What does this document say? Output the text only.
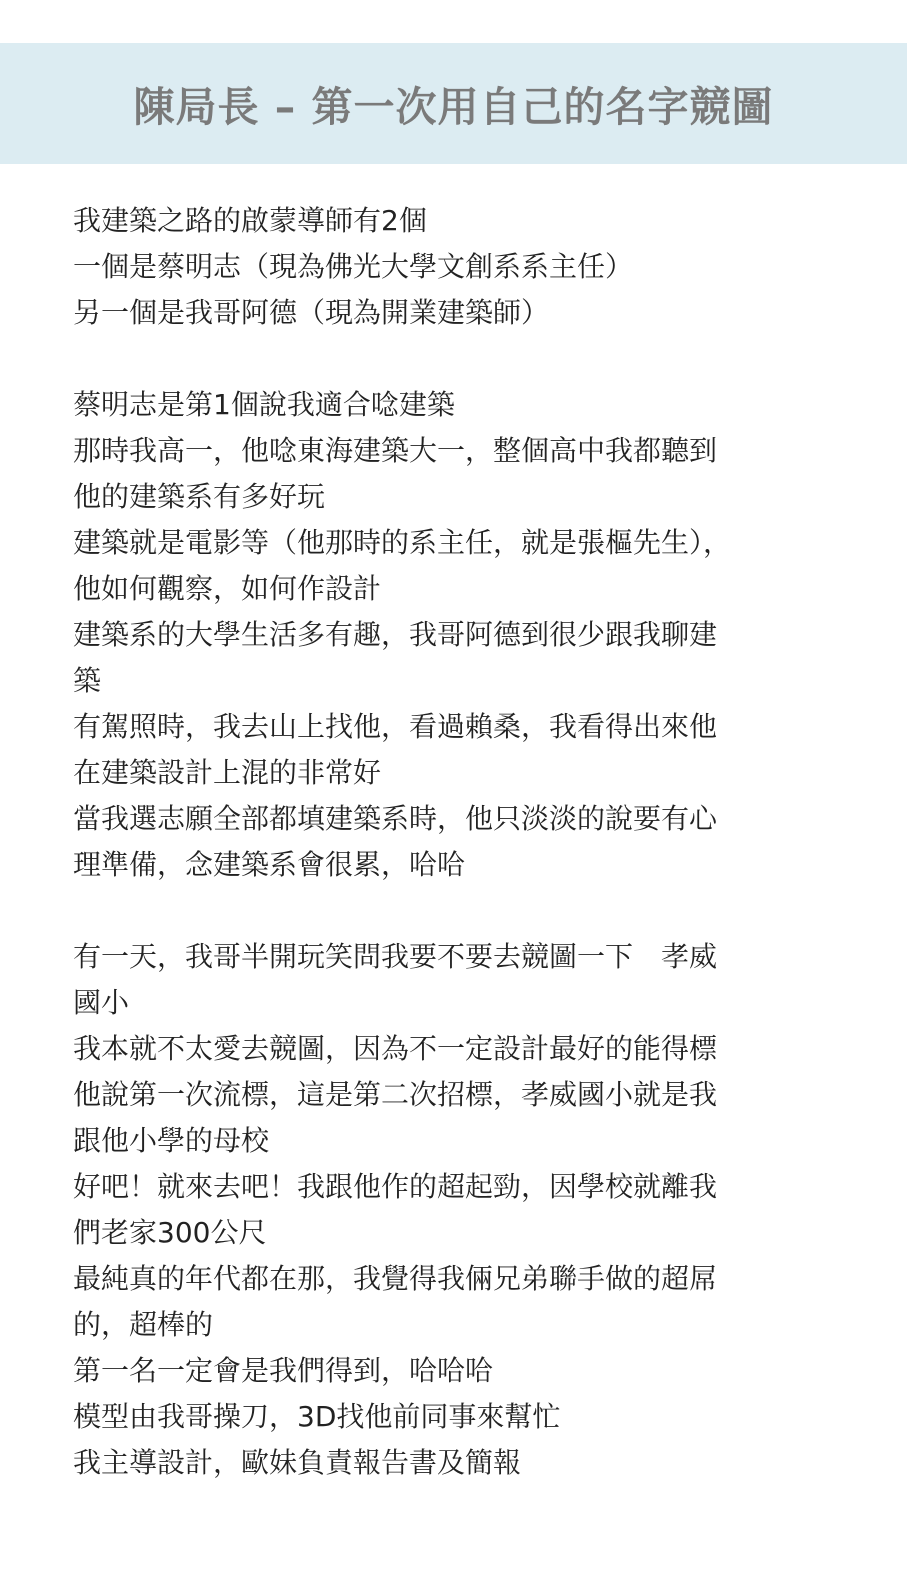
陳局長 – 第一次用自己的名字競圖
我建築之路的啟蒙導師有2個
一個是蔡明志（現為佛光大學文創系系主任）
另一個是我哥阿德（現為開業建築師）
蔡明志是第1個說我適合唸建築
那時我高一，他唸東海建築大一，整個高中我都聽到
他的建築系有多好玩
建築就是電影等（他那時的系主任，就是張樞先生），
他如何觀察，如何作設計
建築系的大學生活多有趣，我哥阿德到很少跟我聊建
築
有駕照時，我去山上找他，看過賴桑，我看得出來他
在建築設計上混的非常好
當我選志願全部都填建築系時，他只淡淡的說要有心
理準備，念建築系會很累，哈哈
有一天，我哥半開玩笑問我要不要去競圖一下　孝威
國小
我本就不太愛去競圖，因為不一定設計最好的能得標
他說第一次流標，這是第二次招標，孝威國小就是我
跟他小學的母校
好吧！就來去吧！我跟他作的超起勁，因學校就離我
們老家300公尺
最純真的年代都在那，我覺得我倆兄弟聯手做的超屌
的，超棒的
第一名一定會是我們得到，哈哈哈
模型由我哥操刀，3D找他前同事來幫忙
我主導設計，歐妹負責報告書及簡報
